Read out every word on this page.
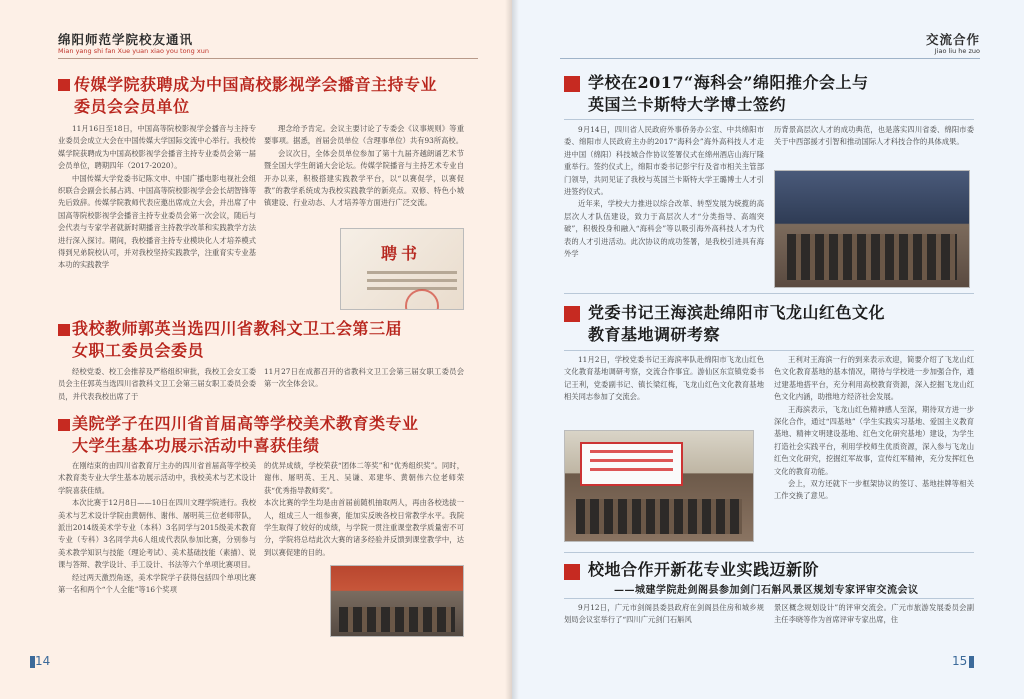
绵阳师范学院校友通讯
Mian yang shi fan Xue yuan xiao you tong xun
传媒学院获聘成为中国高校影视学会播音主持专业
委员会会员单位

11月16日至18日，中国高等院校影视学会播音与主持专业委员会成立大会在中国传媒大学国际交流中心举行。我校传媒学院获聘成为中国高校影视学会播音主持专业委员会第一届会员单位，聘期四年（2017-2020）。

中国传媒大学党委书记陈文申、中国广播电影电视社会组织联合会副会长郝占鸿、中国高等院校影视学会会长胡智锋等先后致辞。传媒学院教师代表应邀出席成立大会，并出席了中国高等院校影视学会播音主持专业委员会第一次会议，随后与会代表与专家学者就新时期播音主持教学改革和实践教学方法进行深入探讨。期间，我校播音主持专业模块化人才培养模式得到兄弟院校认可，并对我校坚持实践教学，注重育实专业基本功的实践教学

理念给予肯定。会议主要讨论了专委会《议事规则》等重要事项。据悉，首届会员单位（含理事单位）共有93所高校。

会议次日，全体会员单位参加了第十九届齐越朗诵艺术节暨全国大学生朗诵大会论坛。传媒学院播音与主持艺术专业自开办以来，积极搭建实践教学平台，以“以赛促学，以赛促教”的教学系统成为我校实践教学的新亮点。双修、特色小城镇建设、行业动态、人才培养等方面进行广泛交流。

聘书
我校教师郭英当选四川省教科文卫工会第三届
女职工委员会委员
经校党委、校工会推荐及严格组织审批，我校工会女工委员会主任郭英当选四川省教科文卫工会第三届女职工委员会委员，并代表我校出席了于
11月27日在成都召开的省教科文卫工会第三届女职工委员会第一次全体会议。
美院学子在四川省首届高等学校美术教育类专业
大学生基本功展示活动中喜获佳绩

在刚结束的由四川省教育厅主办的四川省首届高等学校美术教育类专业大学生基本功展示活动中，我校美术与艺术设计学院喜获佳绩。

本次比赛于12月8日——10日在四川文理学院进行。我校美术与艺术设计学院由黄朝伟、谢伟、屠明英三位老师带队，派出2014级美术学专业（本科）3名同学与2015级美术教育专业（专科）3名同学共6人组成代表队参加比赛，分别参与美术教学知识与技能（理论考试）、美术基础技能（素描）、说课与答辩、教学设计、手工设计、书法等六个单项比赛项目。

经过两天激烈角逐，美术学院学子获得包括四个单项比赛第一名和两个“个人全能”等16个奖项

的优异成绩，学校荣获“团体二等奖”和“优秀组织奖”。同时，谢伟、屠明英、王凡、吴谦、邓建华、黄朝伟六位老师荣获“优秀指导教师奖”。

本次比赛的学生均是由首届前随机抽取两人，再由各校选拔一人，组成三人一组参赛，能加实反映各校日常教学水平。我院学生取得了较好的成绩，与学院一贯注重课堂教学质量密不可分，学院将总结此次大赛的诸多经验并反馈到课堂教学中，达到以赛促建的目的。

14
交流合作
Jiao liu he zuo
学校在2017“海科会”绵阳推介会上与
英国兰卡斯特大学博士签约

9月14日，四川省人民政府外事侨务办公室、中共绵阳市委、绵阳市人民政府主办的2017“海科会”海外高科技人才走进中国（绵阳）科技城合作协议签署仪式在绵州酒店山海厅隆重举行。签约仪式上，绵阳市委书记彭宇行及省市相关主管部门领导，共同见证了我校与英国兰卡斯特大学王璐博士人才引进签约仪式。

近年来，学校大力推进以综合改革、转型发展为统揽的高层次人才队伍建设，致力于高层次人才“分类指导、高端突破”，积极投身和融入“海科会”等以吸引海外高科技人才为代表的人才引进活动。此次协议的成功签署，是我校引进具有海外学

历背景高层次人才的成功典范，也是落实四川省委、绵阳市委关于中西部援才引智和推动国际人才科技合作的具体成果。
党委书记王海滨赴绵阳市飞龙山红色文化
教育基地调研考察
11月2日，学校党委书记王海滨率队赴绵阳市飞龙山红色文化教育基地调研考察，交流合作事宜。游仙区东宣镇党委书记王利，党委副书记、镇长梁红梅，飞龙山红色文化教育基地相关同志参加了交流会。

王利对王海滨一行的到来表示欢迎，简要介绍了飞龙山红色文化教育基地的基本情况，期待与学校进一步加强合作，通过建基地搭平台，充分利用高校教育资源，深入挖掘飞龙山红色文化内涵，助推地方经济社会发展。

王海滨表示，飞龙山红色精神感人至深，期待双方进一步深化合作，通过“四基地”（学生实践实习基地、爱国主义教育基地、精神文明建设基地、红色文化研究基地）建设，为学生打造社会实践平台，利用学校师生优质资源，深入参与飞龙山红色文化研究，挖掘红军故事，宣传红军精神，充分发挥红色文化的教育功能。

会上，双方还就下一步框架协议的签订、基地挂牌等相关工作交换了意见。

校地合作开新花专业实践迈新阶
——城建学院赴剑阁县参加剑门石斛风景区规划专家评审交流会议
9月12日，广元市剑阁县委县政府在剑阁县住房和城乡规划局会议室举行了“四川广元剑门石斛风
景区概念规划设计”的评审交流会。广元市旅游发展委员会副主任李晓等作为首席评审专家出席，住
15
